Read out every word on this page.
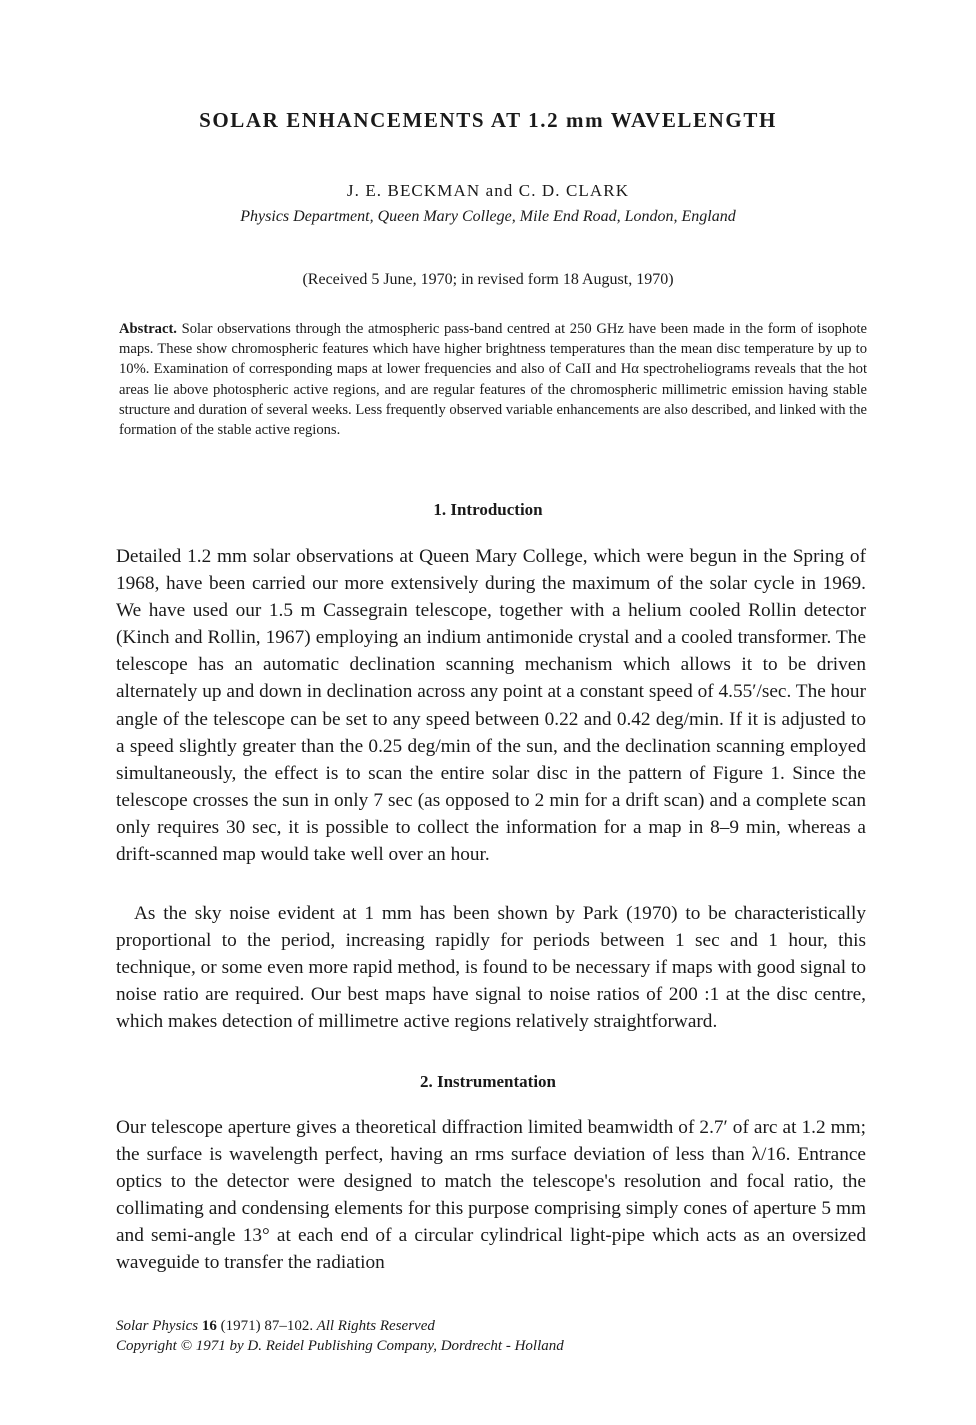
SOLAR ENHANCEMENTS AT 1.2 mm WAVELENGTH
J. E. BECKMAN and C. D. CLARK
Physics Department, Queen Mary College, Mile End Road, London, England
(Received 5 June, 1970; in revised form 18 August, 1970)
Abstract. Solar observations through the atmospheric pass-band centred at 250 GHz have been made in the form of isophote maps. These show chromospheric features which have higher brightness temperatures than the mean disc temperature by up to 10%. Examination of corresponding maps at lower frequencies and also of CaII and Hα spectroheliograms reveals that the hot areas lie above photospheric active regions, and are regular features of the chromospheric millimetric emission having stable structure and duration of several weeks. Less frequently observed variable enhancements are also described, and linked with the formation of the stable active regions.
1. Introduction

Detailed 1.2 mm solar observations at Queen Mary College, which were begun in the Spring of 1968, have been carried our more extensively during the maximum of the solar cycle in 1969. We have used our 1.5 m Cassegrain telescope, together with a helium cooled Rollin detector (Kinch and Rollin, 1967) employing an indium antimonide crystal and a cooled transformer. The telescope has an automatic declination scanning mechanism which allows it to be driven alternately up and down in declination across any point at a constant speed of 4.55′/sec. The hour angle of the telescope can be set to any speed between 0.22 and 0.42 deg/min. If it is adjusted to a speed slightly greater than the 0.25 deg/min of the sun, and the declination scanning employed simultaneously, the effect is to scan the entire solar disc in the pattern of Figure 1. Since the telescope crosses the sun in only 7 sec (as opposed to 2 min for a drift scan) and a complete scan only requires 30 sec, it is possible to collect the information for a map in 8–9 min, whereas a drift-scanned map would take well over an hour.

As the sky noise evident at 1 mm has been shown by Park (1970) to be characteristically proportional to the period, increasing rapidly for periods between 1 sec and 1 hour, this technique, or some even more rapid method, is found to be necessary if maps with good signal to noise ratio are required. Our best maps have signal to noise ratios of 200 :1 at the disc centre, which makes detection of millimetre active regions relatively straightforward.

2. Instrumentation

Our telescope aperture gives a theoretical diffraction limited beamwidth of 2.7′ of arc at 1.2 mm; the surface is wavelength perfect, having an rms surface deviation of less than λ/16. Entrance optics to the detector were designed to match the telescope's resolution and focal ratio, the collimating and condensing elements for this purpose comprising simply cones of aperture 5 mm and semi-angle 13° at each end of a circular cylindrical light-pipe which acts as an oversized waveguide to transfer the radiation

Solar Physics 16 (1971) 87–102. All Rights Reserved
Copyright © 1971 by D. Reidel Publishing Company, Dordrecht - Holland
